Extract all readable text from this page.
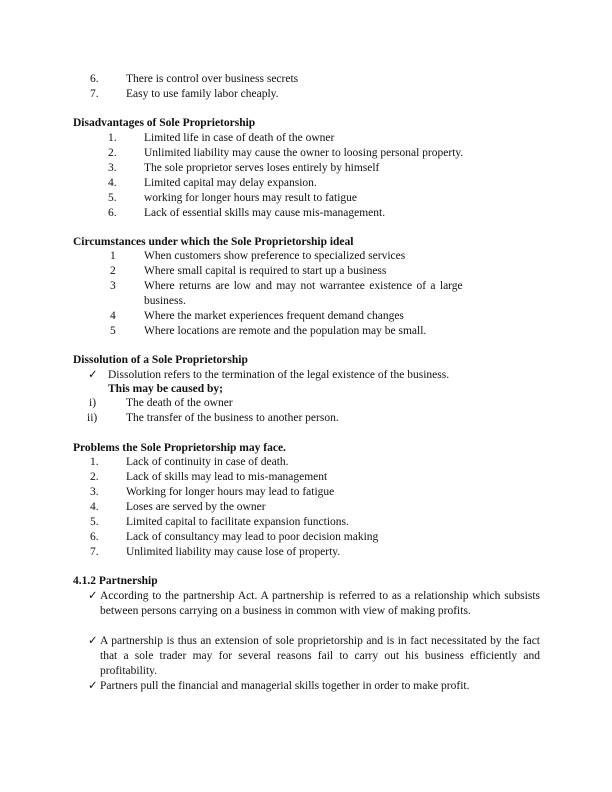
6. There is control over business secrets
7. Easy to use family labor cheaply.
Disadvantages of Sole Proprietorship
1. Limited life in case of death of the owner
2. Unlimited liability may cause the owner to loosing personal property.
3. The sole proprietor serves loses entirely by himself
4. Limited capital may delay expansion.
5. working for longer hours may result to fatigue
6. Lack of essential skills may cause mis-management.
Circumstances under which the Sole Proprietorship ideal
1 When customers show preference to specialized services
2 Where small capital is required to start up a business
3 Where returns are low and may not warrantee existence of a large
business.
4 Where the market experiences frequent demand changes
5 Where locations are remote and the population may be small.
Dissolution of a Sole Proprietorship
✓ Dissolution refers to the termination of the legal existence of the business.
This may be caused by;
i)	The death of the owner
ii)	The transfer of the business to another person.
Problems the Sole Proprietorship may face.
1. Lack of continuity in case of death.
2. Lack of skills may lead to mis-management
3. Working for longer hours may lead to fatigue
4. Loses are served by the owner
5. Limited capital to facilitate expansion functions.
6. Lack of consultancy may lead to poor decision making
7. Unlimited liability may cause lose of property.
4.1.2 Partnership
✓ According to the partnership Act. A partnership is referred to as a relationship which subsists between persons carrying on a business in common with view of making profits.
✓ A partnership is thus an extension of sole proprietorship and is in fact necessitated by the fact that a sole trader may for several reasons fail to carry out his business efficiently and profitability.
✓ Partners pull the financial and managerial skills together in order to make profit.
